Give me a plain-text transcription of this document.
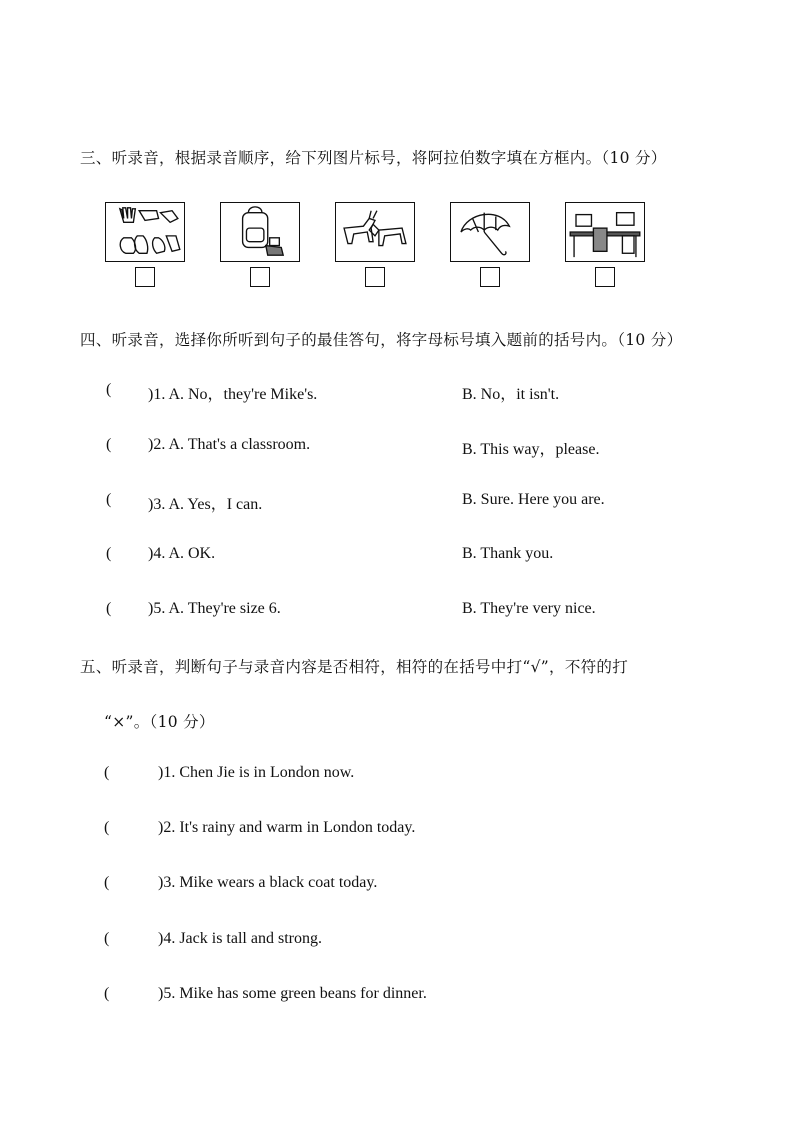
三、听录音，根据录音顺序，给下列图片标号，将阿拉伯数字填在方框内。（10 分）
四、听录音，选择你所听到句子的最佳答句，将字母标号填入题前的括号内。（10 分）
( )1. A. No，they're Mike's.	B. No，it isn't.
( )2. A. That's a classroom.	B. This way，please.
( )3. A. Yes，I can.	B. Sure. Here you are.
( )4. A. OK.	B. Thank you.
( )5. A. They're size 6.	B. They're very nice.
五、听录音，判断句子与录音内容是否相符，相符的在括号中打“√”，不符的打
“×”。（10 分）
(	)1. Chen Jie is in London now.
(	)2. It's rainy and warm in London today.
(	)3. Mike wears a black coat today.
(	)4. Jack is tall and strong.
(	)5. Mike has some green beans for dinner.
